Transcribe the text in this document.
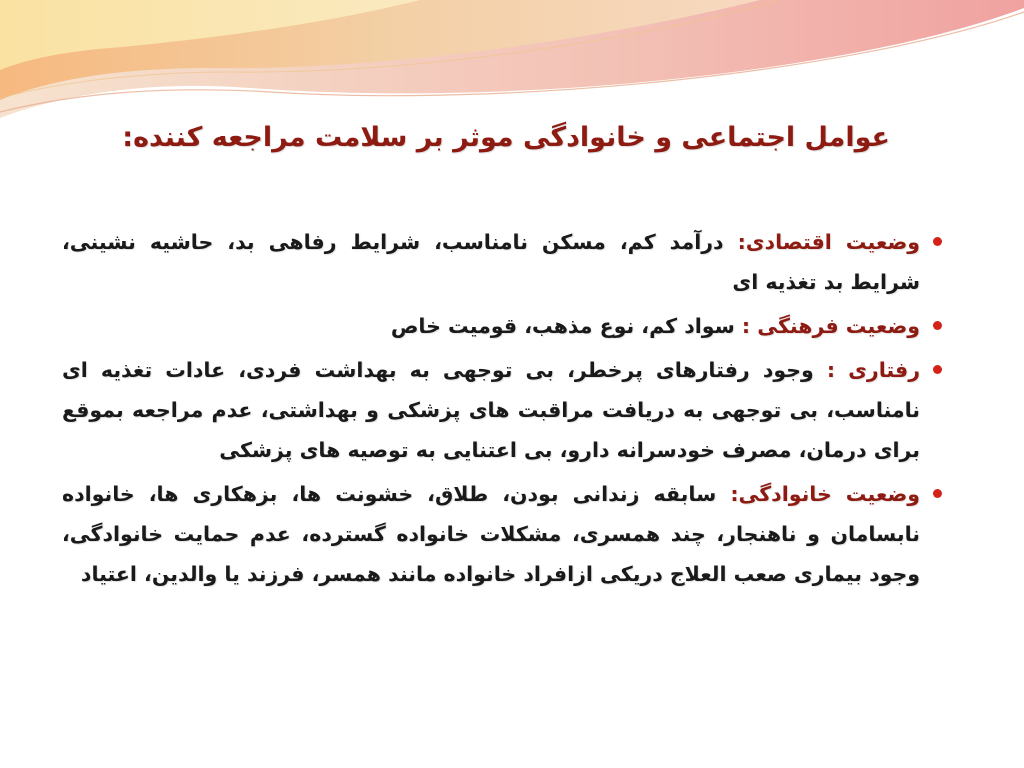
عوامل اجتماعی و خانوادگی موثر بر سلامت مراجعه کننده:
وضعیت اقتصادی: درآمد کم، مسکن نامناسب، شرایط رفاهی بد، حاشیه نشینی، شرایط بد تغذیه ای
وضعیت فرهنگی : سواد کم، نوع مذهب، قومیت خاص
رفتاری : وجود رفتارهای پرخطر، بی توجهی به بهداشت فردی، عادات تغذیه ای نامناسب، بی توجهی به دریافت مراقبت های پزشکی و بهداشتی، عدم مراجعه بموقع برای درمان، مصرف خودسرانه دارو، بی اعتنایی به توصیه های پزشکی
وضعیت خانوادگی: سابقه زندانی بودن، طلاق، خشونت ها، بزهکاری ها، خانواده نابسامان و ناهنجار، چند همسری، مشکلات خانواده گسترده، عدم حمایت خانوادگی، وجود بیماری صعب العلاج دریکی ازافراد خانواده مانند همسر، فرزند یا والدین، اعتیاد
